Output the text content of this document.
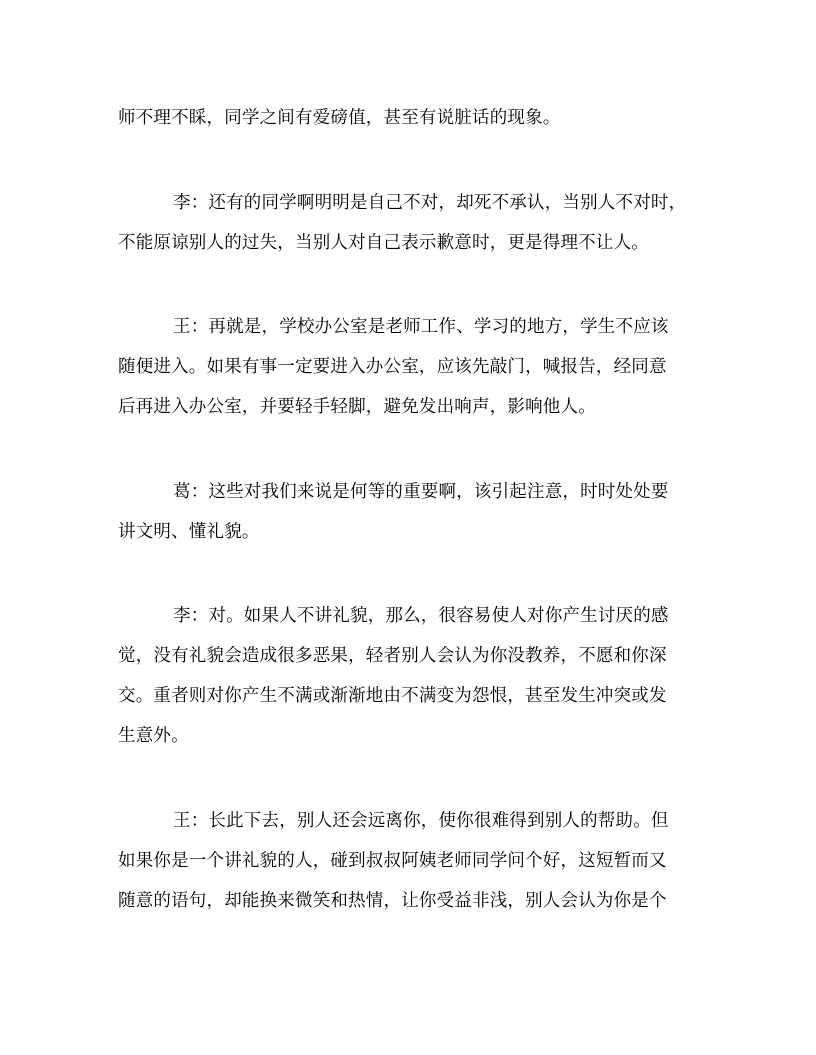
师不理不睬，同学之间有爱磅值，甚至有说脏话的现象。
李：还有的同学啊明明是自己不对，却死不承认，当别人不对时，
不能原谅别人的过失，当别人对自己表示歉意时，更是得理不让人。
王：再就是，学校办公室是老师工作、学习的地方，学生不应该
随便进入。如果有事一定要进入办公室，应该先敲门，喊报告，经同意
后再进入办公室，并要轻手轻脚，避免发出响声，影响他人。
葛：这些对我们来说是何等的重要啊，该引起注意，时时处处要
讲文明、懂礼貌。
李：对。如果人不讲礼貌，那么，很容易使人对你产生讨厌的感
觉，没有礼貌会造成很多恶果，轻者别人会认为你没教养，不愿和你深
交。重者则对你产生不满或渐渐地由不满变为怨恨，甚至发生冲突或发
生意外。
王：长此下去，别人还会远离你，使你很难得到别人的帮助。但
如果你是一个讲礼貌的人，碰到叔叔阿姨老师同学问个好，这短暂而又
随意的语句，却能换来微笑和热情，让你受益非浅，别人会认为你是个
